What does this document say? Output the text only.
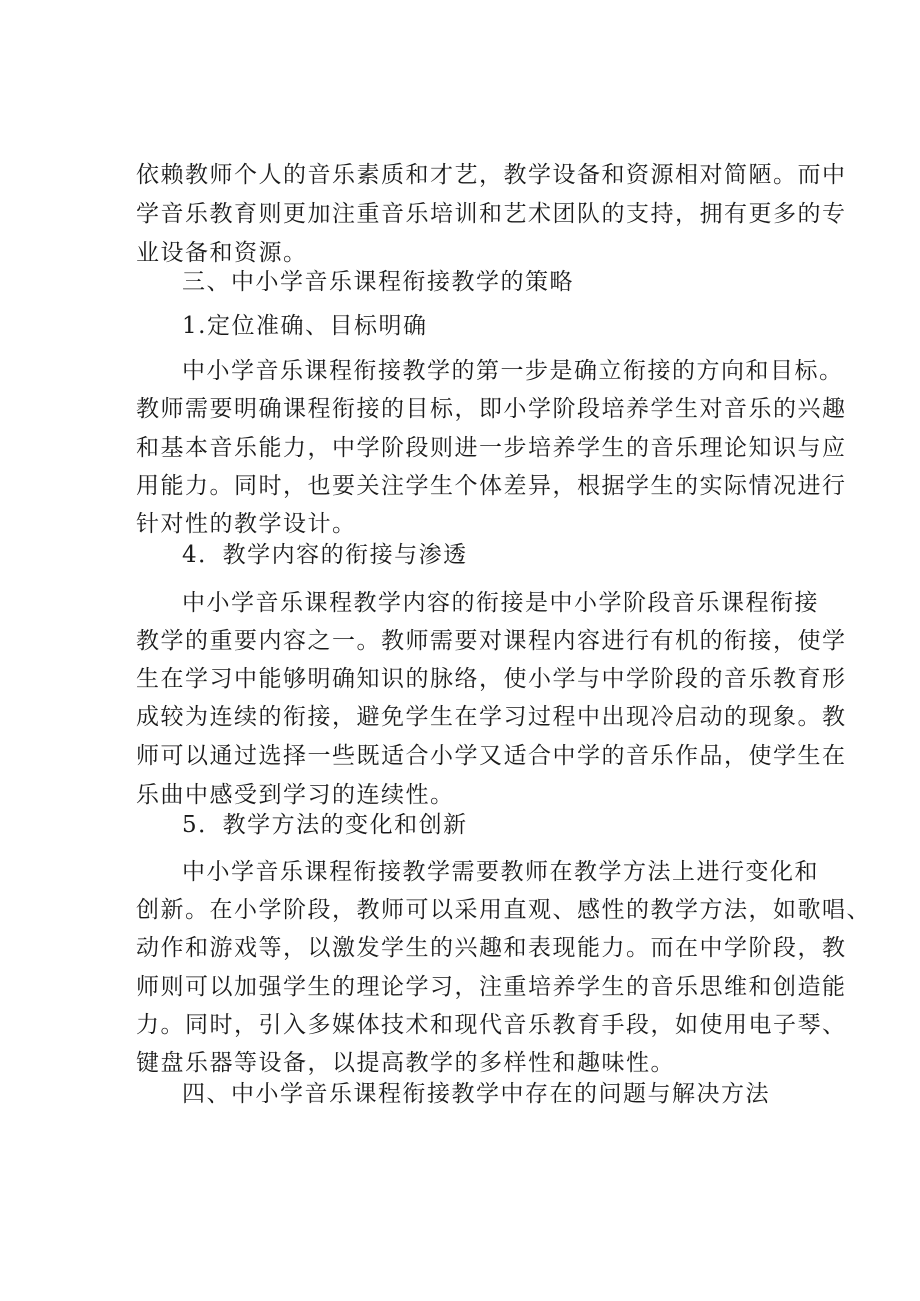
依赖教师个人的音乐素质和才艺，教学设备和资源相对简陋。而中
学音乐教育则更加注重音乐培训和艺术团队的支持，拥有更多的专
业设备和资源。
三、中小学音乐课程衔接教学的策略
1.定位准确、目标明确
中小学音乐课程衔接教学的第一步是确立衔接的方向和目标。
教师需要明确课程衔接的目标，即小学阶段培养学生对音乐的兴趣
和基本音乐能力，中学阶段则进一步培养学生的音乐理论知识与应
用能力。同时，也要关注学生个体差异，根据学生的实际情况进行
针对性的教学设计。
4．教学内容的衔接与渗透
中小学音乐课程教学内容的衔接是中小学阶段音乐课程衔接
教学的重要内容之一。教师需要对课程内容进行有机的衔接，使学
生在学习中能够明确知识的脉络，使小学与中学阶段的音乐教育形
成较为连续的衔接，避免学生在学习过程中出现冷启动的现象。教
师可以通过选择一些既适合小学又适合中学的音乐作品，使学生在
乐曲中感受到学习的连续性。
5．教学方法的变化和创新
中小学音乐课程衔接教学需要教师在教学方法上进行变化和
创新。在小学阶段，教师可以采用直观、感性的教学方法，如歌唱、
动作和游戏等，以激发学生的兴趣和表现能力。而在中学阶段，教
师则可以加强学生的理论学习，注重培养学生的音乐思维和创造能
力。同时，引入多媒体技术和现代音乐教育手段，如使用电子琴、
键盘乐器等设备，以提高教学的多样性和趣味性。
四、中小学音乐课程衔接教学中存在的问题与解决方法
